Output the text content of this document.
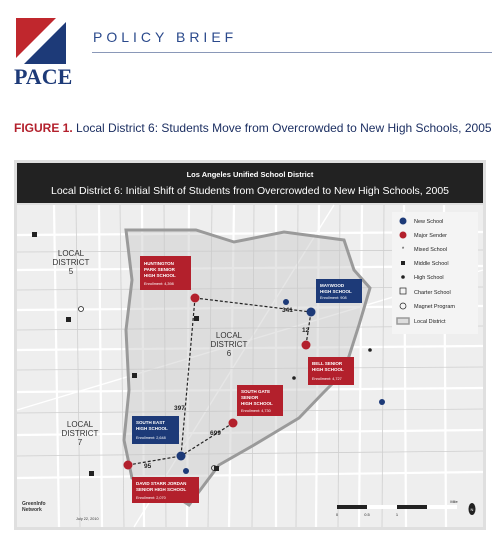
PACE
POLICY BRIEF
FIGURE 1. Local District 6: Students Move from Overcrowded to New High Schools, 2005
Los Angeles Unified School District
Local District 6: Initial Shift of Students from Overcrowded to New High Schools, 2005
LOCAL
DISTRICT
5
LOCAL
DISTRICT
6
LOCAL
DISTRICT
7
341
12
699
397
95
HUNTINGTON
PARK SENIOR
HIGH SCHOOL
Enrollment: 4,398	MAYWOOD
HIGH SCHOOL
Enrollment: 908
BELL SENIOR
HIGH SCHOOL
Enrollment: 4,727
SOUTH GATE
SENIOR
HIGH SCHOOL
Enrollment: 4,730
SOUTH EAST
HIGH SCHOOL
Enrollment: 2,648
DAVID STARR JORDAN
SENIOR HIGH SCHOOL
Enrollment: 2,070
New School
Major Sender
* Mixed School
Middle School
High School
Charter School
Magnet Program
Local District
GreenInfo
Network
July 22, 2010
0	0.5	1
Mile
N
